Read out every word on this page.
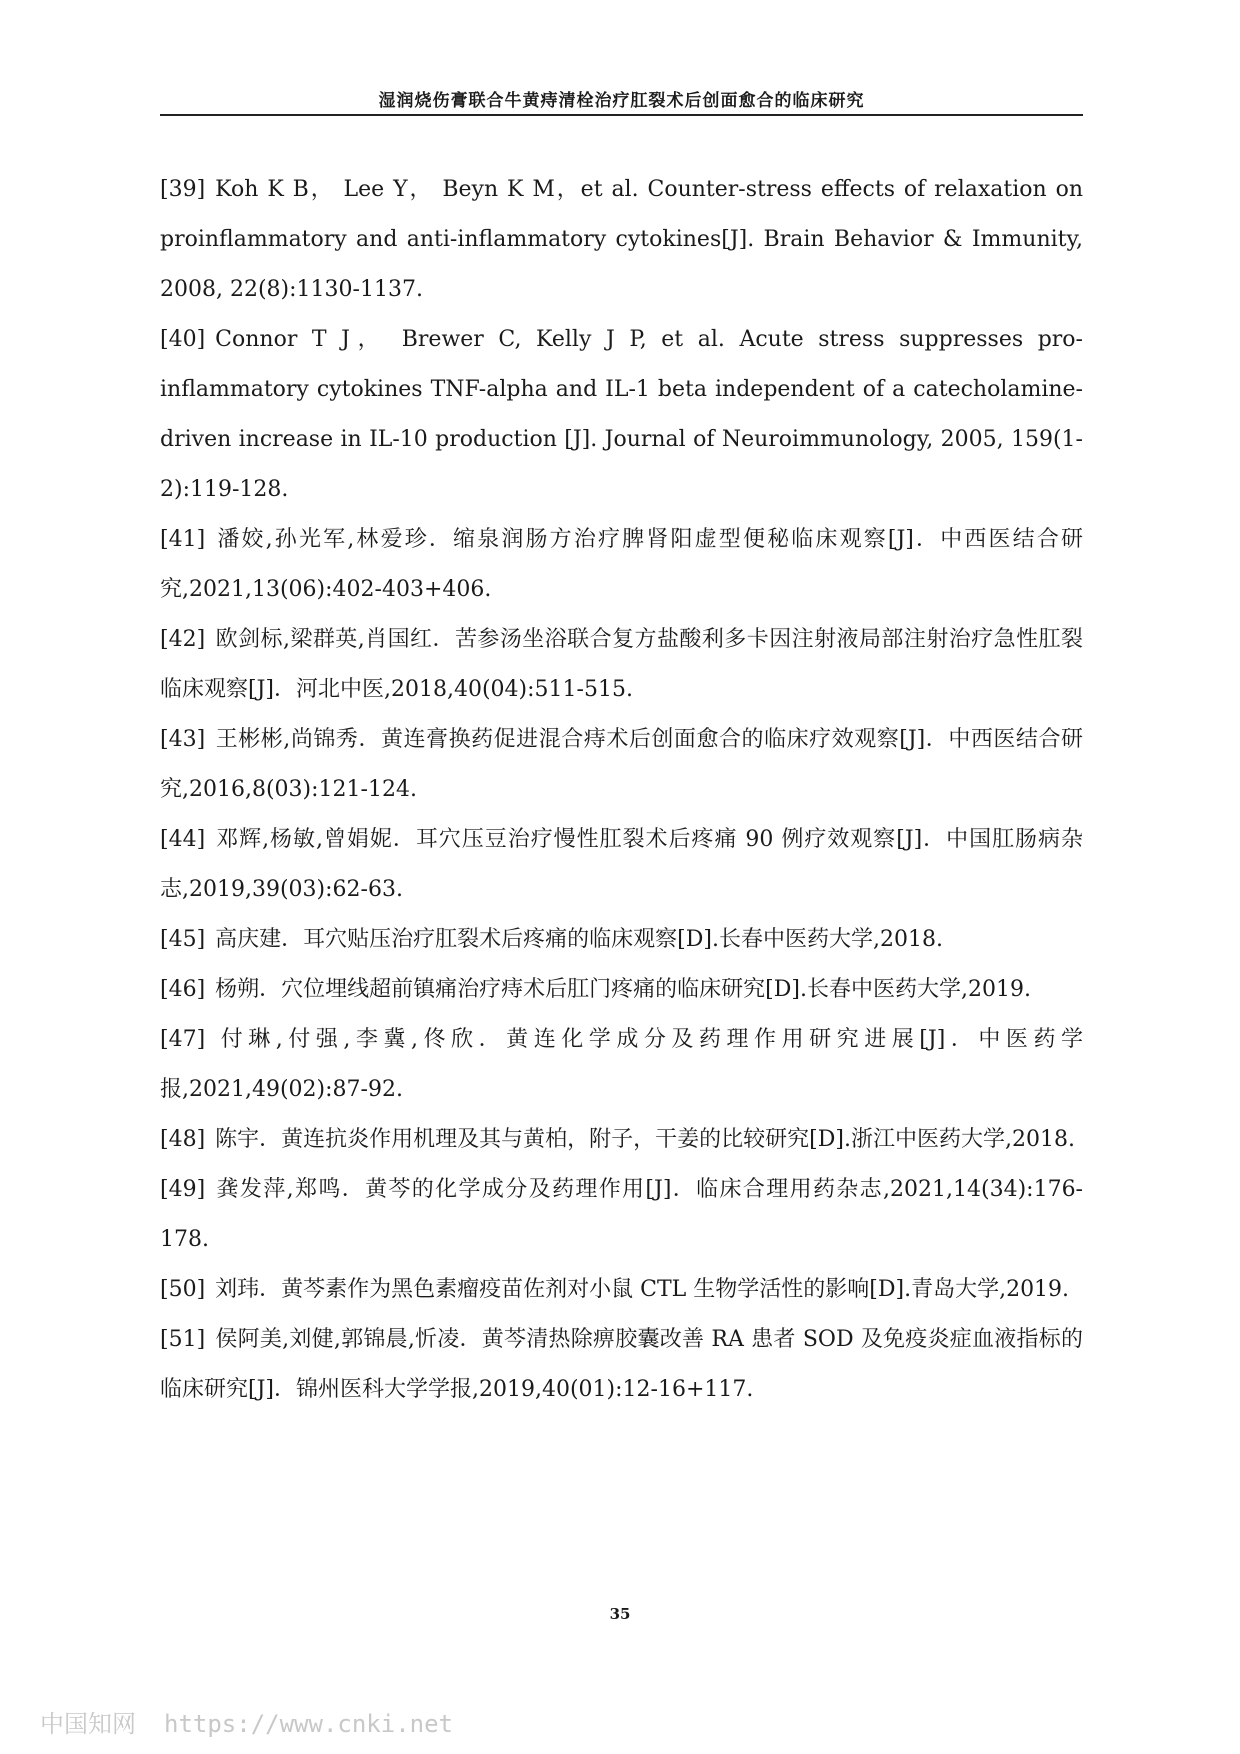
湿润烧伤膏联合牛黄痔清栓治疗肛裂术后创面愈合的临床研究

[39] Koh K B， Lee Y， Beyn K M，et al. Counter-stress effects of relaxation on proinflammatory and anti-inflammatory cytokines[J]. Brain Behavior & Immunity, 2008, 22(8):1130-1137.

[40] Connor T J， Brewer C, Kelly J P, et al. Acute stress suppresses pro-inflammatory cytokines TNF-alpha and IL-1 beta independent of a catecholamine-driven increase in IL-10 production [J]. Journal of Neuroimmunology, 2005, 159(1-2):119-128.

[41] 潘姣,孙光军,林爱珍．缩泉润肠方治疗脾肾阳虚型便秘临床观察[J]．中西医结合研究,2021,13(06):402-403+406.

[42] 欧剑标,梁群英,肖国红．苦参汤坐浴联合复方盐酸利多卡因注射液局部注射治疗急性肛裂临床观察[J]．河北中医,2018,40(04):511-515.

[43] 王彬彬,尚锦秀．黄连膏换药促进混合痔术后创面愈合的临床疗效观察[J]．中西医结合研究,2016,8(03):121-124.

[44] 邓辉,杨敏,曾娟妮．耳穴压豆治疗慢性肛裂术后疼痛 90 例疗效观察[J]．中国肛肠病杂志,2019,39(03):62-63.

[45] 高庆建．耳穴贴压治疗肛裂术后疼痛的临床观察[D].长春中医药大学,2018.

[46] 杨朔．穴位埋线超前镇痛治疗痔术后肛门疼痛的临床研究[D].长春中医药大学,2019.

[47] 付琳,付强,李冀,佟欣．黄连化学成分及药理作用研究进展[J]．中医药学报,2021,49(02):87-92.

[48] 陈宇．黄连抗炎作用机理及其与黄柏，附子，干姜的比较研究[D].浙江中医药大学,2018.

[49] 龚发萍,郑鸣．黄芩的化学成分及药理作用[J]．临床合理用药杂志,2021,14(34):176-178.

[50] 刘玮．黄芩素作为黑色素瘤疫苗佐剂对小鼠 CTL 生物学活性的影响[D].青岛大学,2019.

[51] 侯阿美,刘健,郭锦晨,忻凌．黄芩清热除痹胶囊改善 RA 患者 SOD 及免疫炎症血液指标的临床研究[J]．锦州医科大学学报,2019,40(01):12-16+117.

35
中国知网 https://www.cnki.net
